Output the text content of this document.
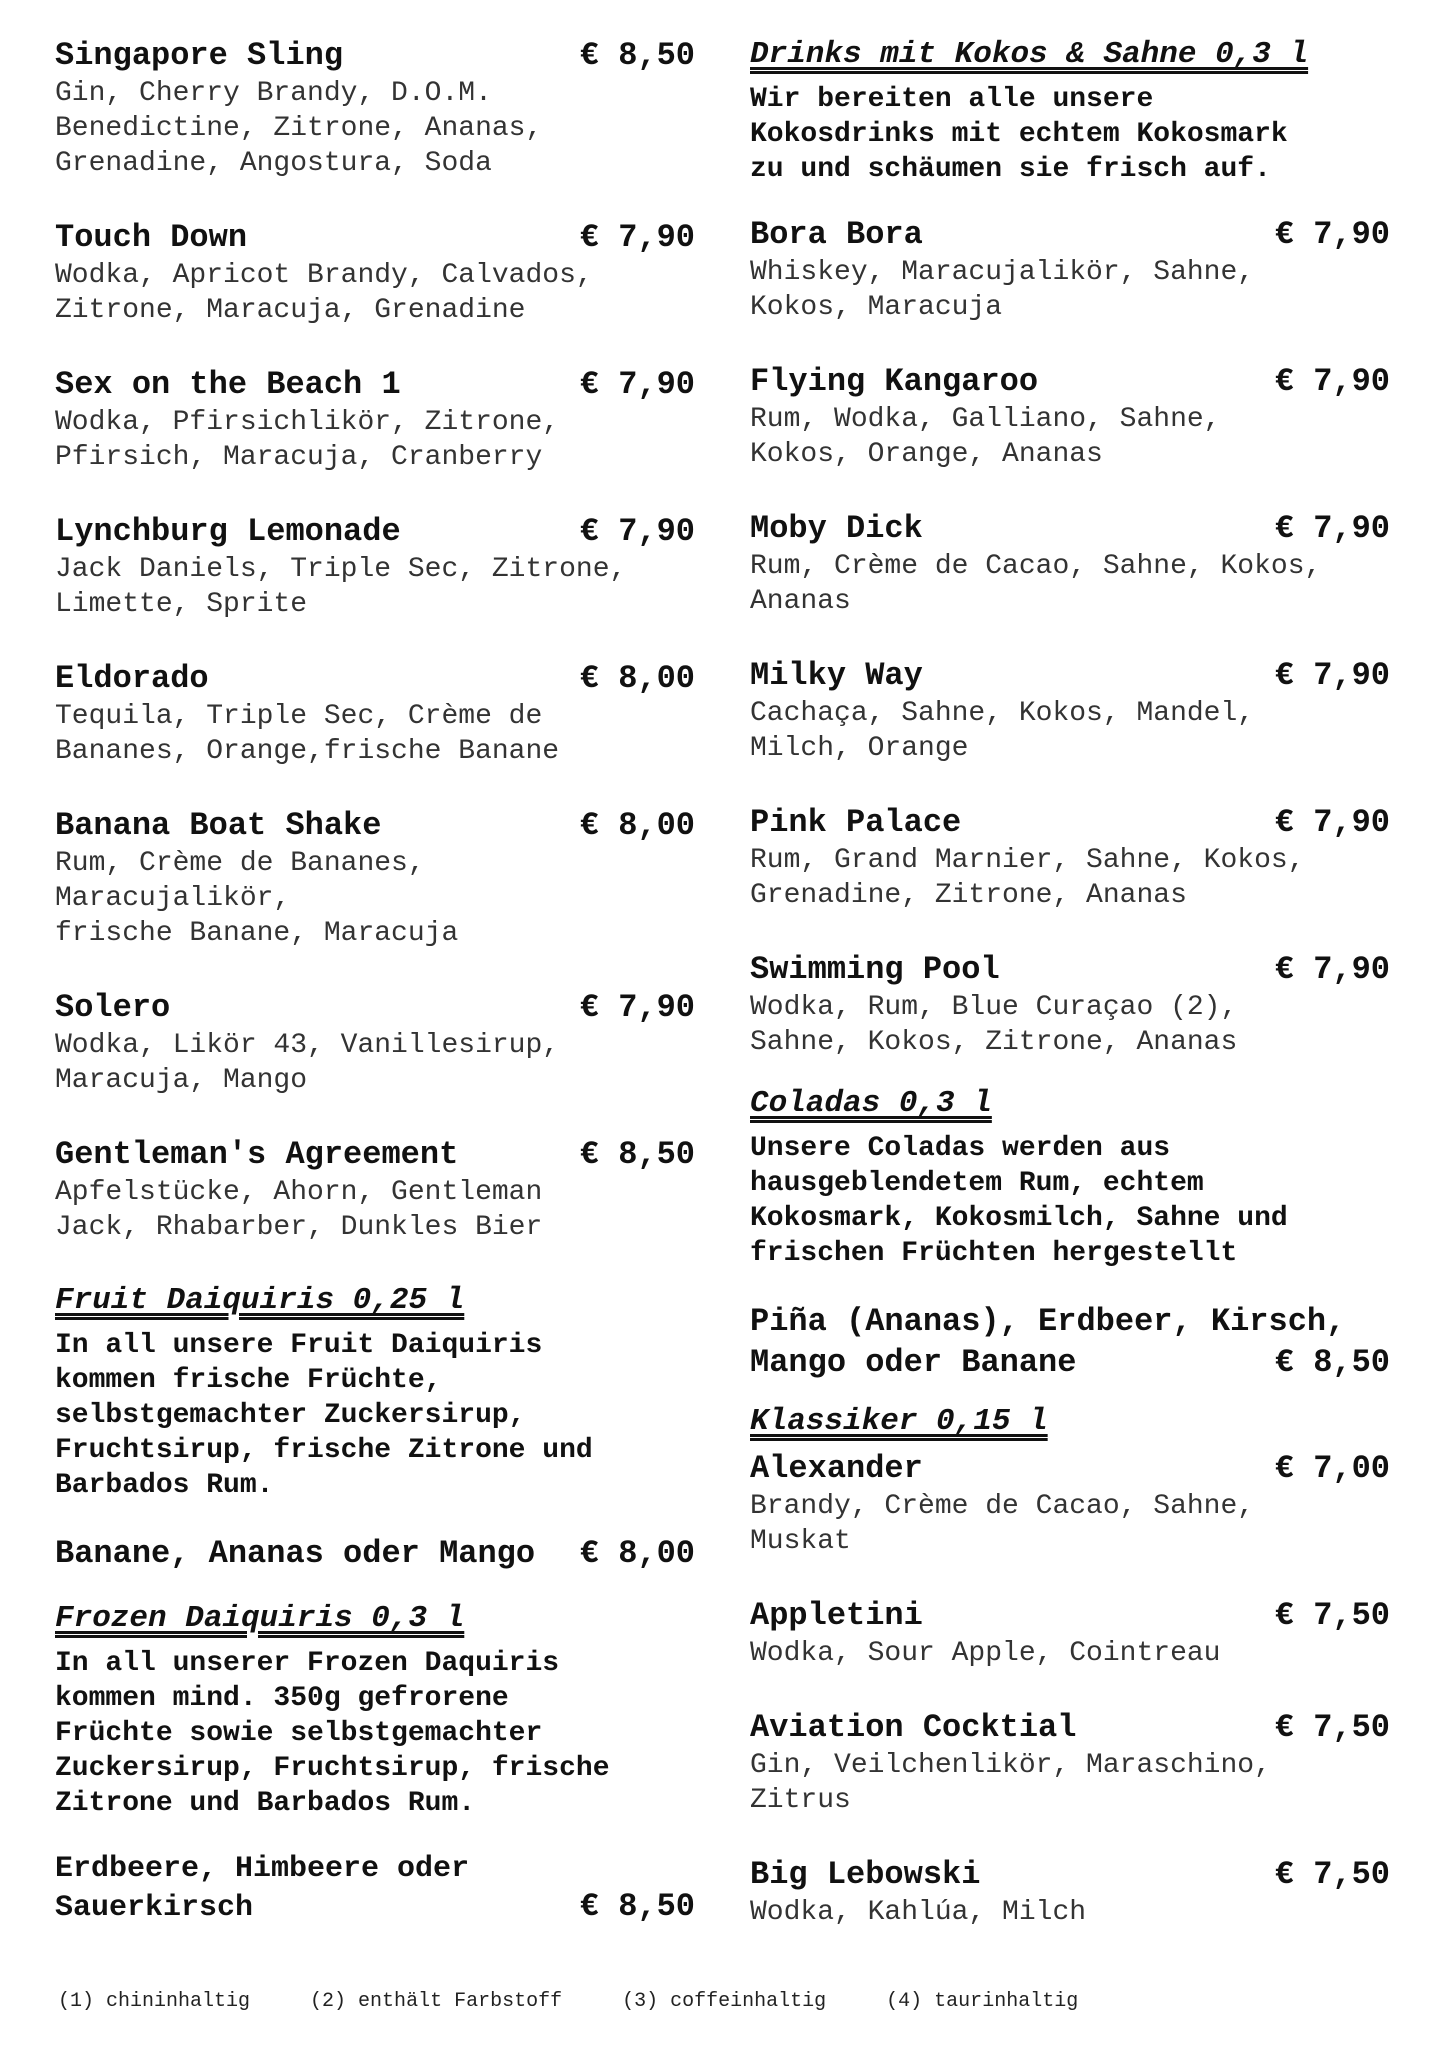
Singapore Sling	€ 8,50
Gin, Cherry Brandy, D.O.M.
Benedictine, Zitrone, Ananas,
Grenadine, Angostura, Soda
Touch Down	€ 7,90
Wodka, Apricot Brandy, Calvados,
Zitrone, Maracuja, Grenadine
Sex on the Beach 1	€ 7,90
Wodka, Pfirsichlikör, Zitrone,
Pfirsich, Maracuja, Cranberry
Lynchburg Lemonade	€ 7,90
Jack Daniels, Triple Sec, Zitrone,
Limette, Sprite
Eldorado	€ 8,00
Tequila, Triple Sec, Crème de
Bananes, Orange,frische Banane
Banana Boat Shake	€ 8,00
Rum, Crème de Bananes,
Maracujalikör,
frische Banane, Maracuja
Solero	€ 7,90
Wodka, Likör 43, Vanillesirup,
Maracuja, Mango
Gentleman's Agreement	€ 8,50
Apfelstücke, Ahorn, Gentleman
Jack, Rhabarber, Dunkles Bier
Fruit Daiquiris 0,25 l
In all unsere Fruit Daiquiris
kommen frische Früchte,
selbstgemachter Zuckersirup,
Fruchtsirup, frische Zitrone und
Barbados Rum.
Banane, Ananas oder Mango € 8,00
Frozen Daiquiris 0,3 l
In all unserer Frozen Daquiris
kommen mind. 350g gefrorene
Früchte sowie selbstgemachter
Zuckersirup, Fruchtsirup, frische
Zitrone und Barbados Rum.
Erdbeere, Himbeere oder
Sauerkirsch	€ 8,50
Drinks mit Kokos & Sahne 0,3 l
Wir bereiten alle unsere
Kokosdrinks mit echtem Kokosmark
zu und schäumen sie frisch auf.
Bora Bora	€ 7,90
Whiskey, Maracujalikör, Sahne,
Kokos, Maracuja
Flying Kangaroo	€ 7,90
Rum, Wodka, Galliano, Sahne,
Kokos, Orange, Ananas
Moby Dick	€ 7,90
Rum, Crème de Cacao, Sahne, Kokos,
Ananas
Milky Way	€ 7,90
Cachaça, Sahne, Kokos, Mandel,
Milch, Orange
Pink Palace	€ 7,90
Rum, Grand Marnier, Sahne, Kokos,
Grenadine, Zitrone, Ananas
Swimming Pool	€ 7,90
Wodka, Rum, Blue Curaçao (2),
Sahne, Kokos, Zitrone, Ananas
Coladas 0,3 l
Unsere Coladas werden aus
hausgeblendetem Rum, echtem
Kokosmark, Kokosmilch, Sahne und
frischen Früchten hergestellt
Piña (Ananas), Erdbeer, Kirsch,
Mango oder Banane	€ 8,50
Klassiker 0,15 l
Alexander	€ 7,00
Brandy, Crème de Cacao, Sahne,
Muskat
Appletini	€ 7,50
Wodka, Sour Apple, Cointreau
Aviation Cocktial	€ 7,50
Gin, Veilchenlikör, Maraschino,
Zitrus
Big Lebowski	€ 7,50
Wodka, Kahlúa, Milch
(1) chininhaltig	(2) enthält Farbstoff	(3) coffeinhaltig	(4) taurinhaltig
